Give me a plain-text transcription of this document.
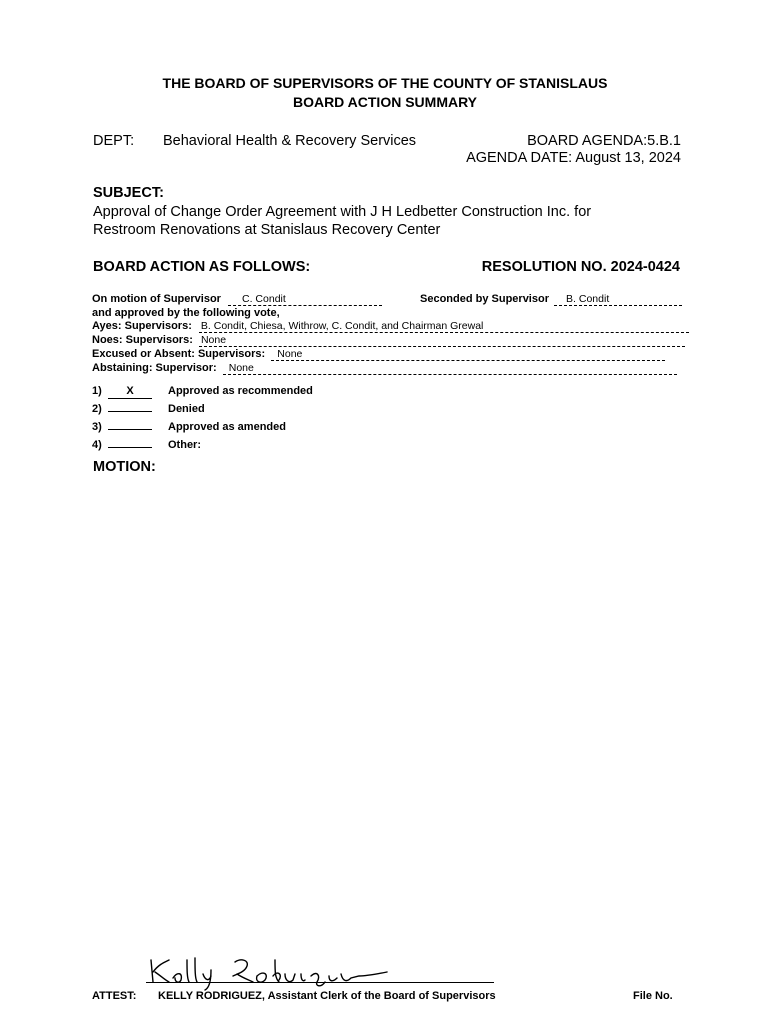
THE BOARD OF SUPERVISORS OF THE COUNTY OF STANISLAUS
BOARD ACTION SUMMARY
DEPT: Behavioral Health & Recovery Services	BOARD AGENDA:5.B.1
AGENDA DATE: August 13, 2024
SUBJECT:
Approval of Change Order Agreement with J H Ledbetter Construction Inc. for
Restroom Renovations at Stanislaus Recovery Center
BOARD ACTION AS FOLLOWS:	RESOLUTION NO. 2024-0424
On motion of Supervisor C. Condit	Seconded by Supervisor B. Condit
and approved by the following vote,
Ayes: Supervisors: B. Condit, Chiesa, Withrow, C. Condit, and Chairman Grewal
Noes: Supervisors: None
Excused or Absent: Supervisors: None
Abstaining: Supervisor: None
1) X	Approved as recommended
2)	Denied
3)	Approved as amended
4)	Other:
MOTION:
ATTEST: KELLY RODRIGUEZ, Assistant Clerk of the Board of Supervisors	File No.
